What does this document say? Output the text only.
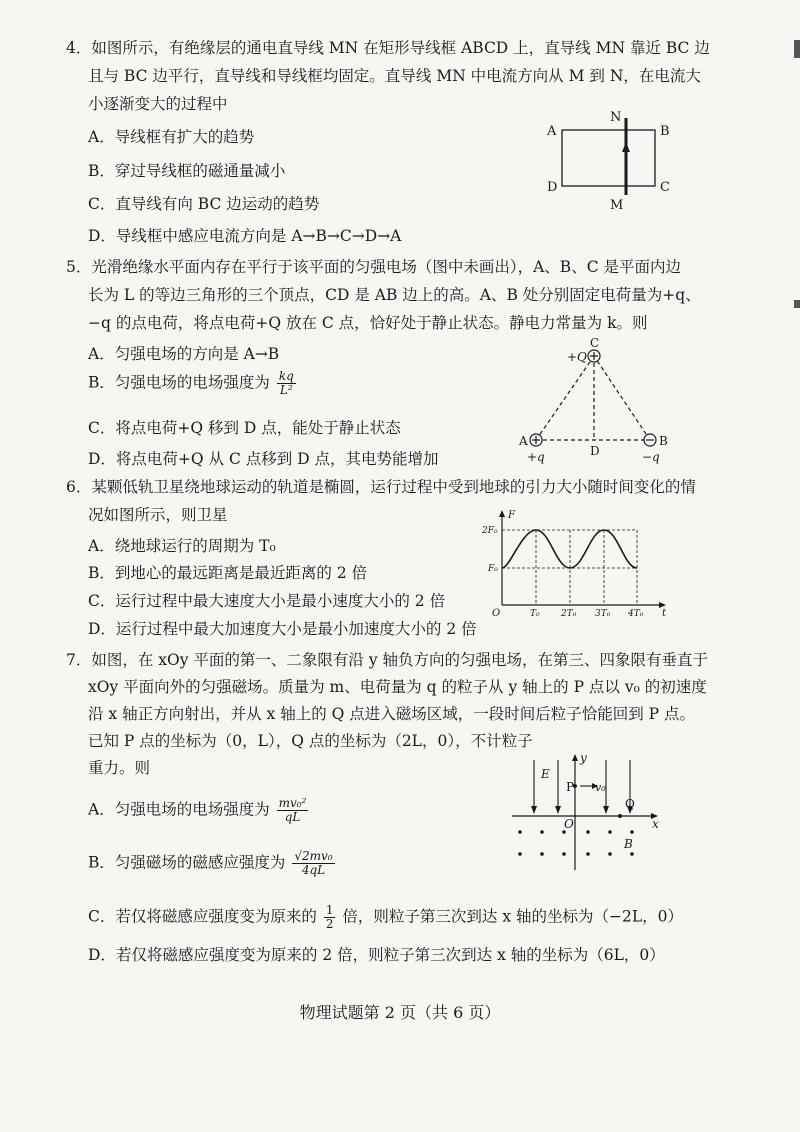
4．如图所示，有绝缘层的通电直导线 MN 在矩形导线框 ABCD 上，直导线 MN 靠近 BC 边
且与 BC 边平行，直导线和导线框均固定。直导线 MN 中电流方向从 M 到 N，在电流大
小逐渐变大的过程中
A．导线框有扩大的趋势
B．穿过导线框的磁通量减小
C．直导线有向 BC 边运动的趋势
D．导线框中感应电流方向是 A→B→C→D→A
A	B
C
D
N
M
5．光滑绝缘水平面内存在平行于该平面的匀强电场（图中未画出），A、B、C 是平面内边
长为 L 的等边三角形的三个顶点，CD 是 AB 边上的高。A、B 处分别固定电荷量为+q、
−q 的点电荷，将点电荷+Q 放在 C 点，恰好处于静止状态。静电力常量为 k。则
A．匀强电场的方向是 A→B
B．匀强电场的电场强度为 $\frac{kq}{\text{L²}}$
C．将点电荷+Q 移到 D 点，能处于静止状态
D．将点电荷+Q 从 C 点移到 D 点，其电势能增加
C
+Q
A	B
D
+q	−q
6．某颗低轨卫星绕地球运动的轨道是椭圆，运行过程中受到地球的引力大小随时间变化的情
况如图所示，则卫星
A．绕地球运行的周期为 T₀
B．到地心的最远距离是最近距离的 2 倍
C．运行过程中最大速度大小是最小速度大小的 2 倍
D．运行过程中最大加速度大小是最小加速度大小的 2 倍
F
t
O
2F₀
F₀
T₀ 2T₀ 3T₀ 4T₀
7．如图，在 xOy 平面的第一、二象限有沿 y 轴负方向的匀强电场，在第三、四象限有垂直于
xOy 平面向外的匀强磁场。质量为 m、电荷量为 q 的粒子从 y 轴上的 P 点以 v₀ 的初速度
沿 x 轴正方向射出，并从 x 轴上的 Q 点进入磁场区域，一段时间后粒子恰能回到 P 点。
已知 P 点的坐标为（0，L），Q 点的坐标为（2L，0），不计粒子
重力。则
A．匀强电场的电场强度为 $\frac{\text{mv₀²}}{qL}$
B．匀强磁场的磁感应强度为 $\frac{\text{√2mv₀}}{4qL}$
C．若仅将磁感应强度变为原来的 $\frac{1}{2}$ 倍，则粒子第三次到达 x 轴的坐标为（−2L，0）
D．若仅将磁感应强度变为原来的 2 倍，则粒子第三次到达 x 轴的坐标为（6L，0）
E
y
P v₀
Q
O	x
B
物理试题第 2 页（共 6 页）
